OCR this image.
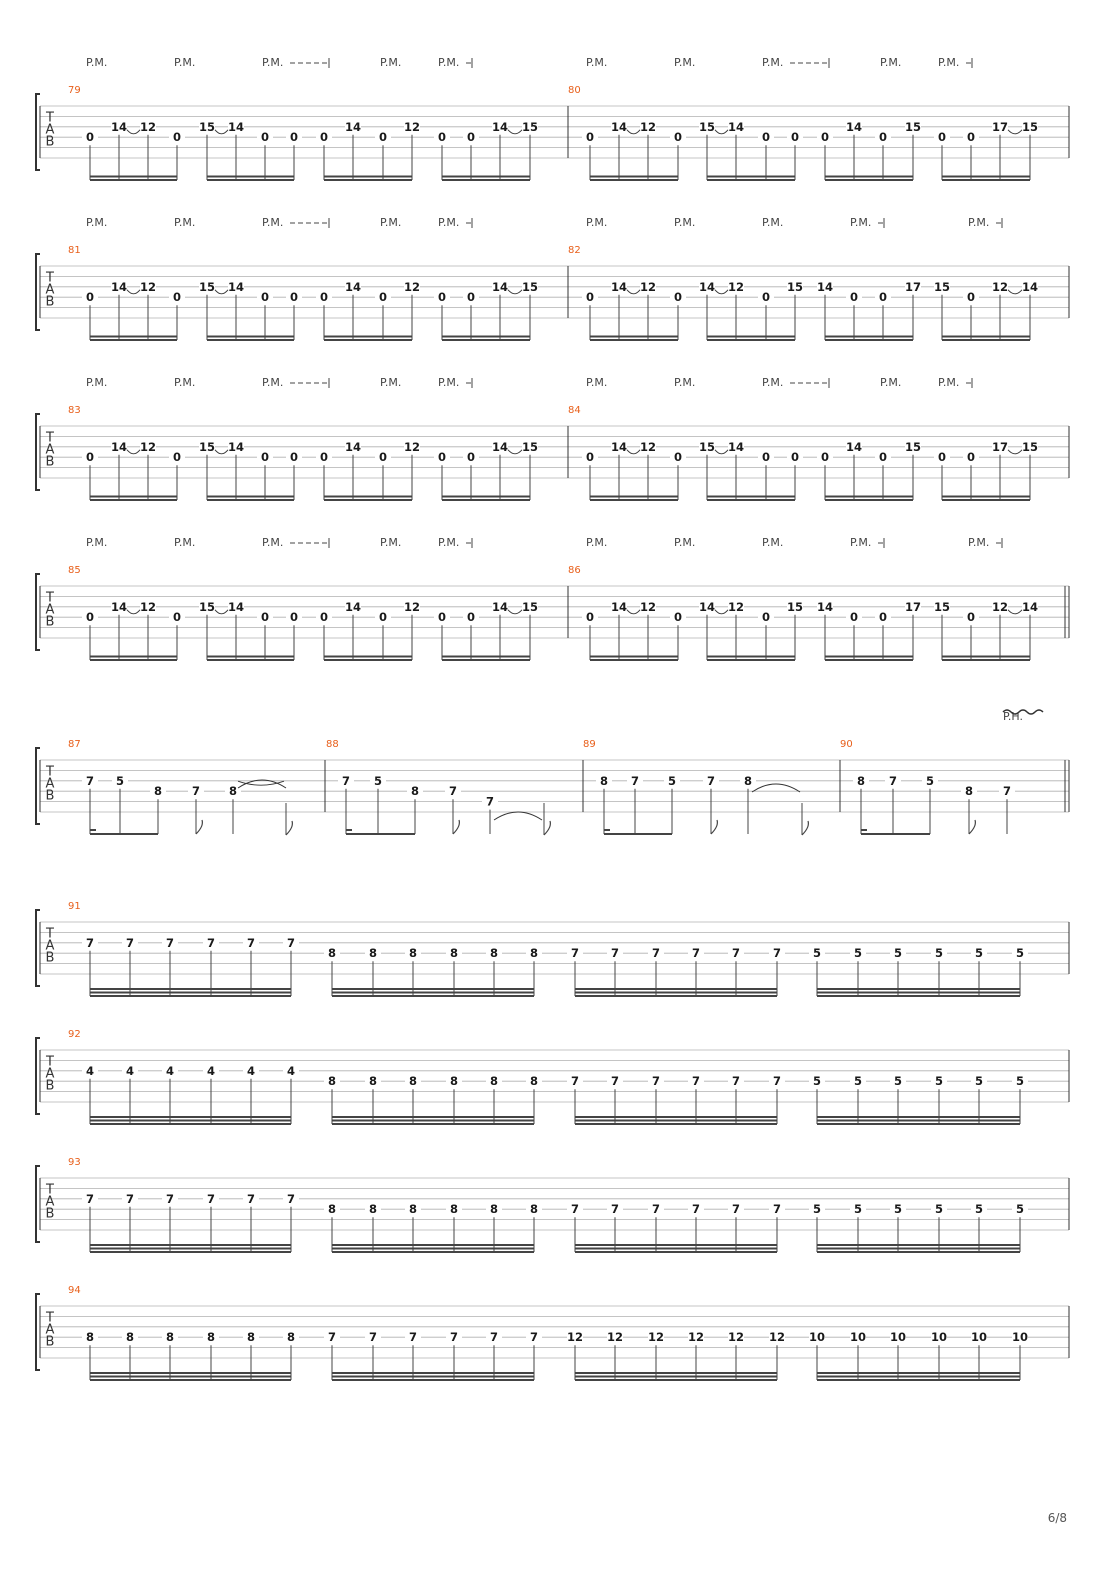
T
A
B
79
P.M.	P.M.	P.M.	P.M.	P.M.
0
14 12
0
15 14
0 0 0
14
0
12
0 0
14 15
80
P.M.	P.M.	P.M.	P.M.	P.M.
0
14 12
0
15 14
0 0 0
14
0
15
0 0
17 15
T
A
B
81
P.M.	P.M.	P.M.	P.M.	P.M.
0
14 12
0
15 14
0 0 0
14
0
12
0 0
14 15
82
P.M.	P.M.	P.M.	P.M.	P.M.
0
14 12
0
14 12
0
15 14
0 0
17 15
0
12 14
T
A
B
83
P.M.	P.M.	P.M.	P.M.	P.M.
0
14 12
0
15 14
0 0 0
14
0
12
0 0
14 15
84
P.M.	P.M.	P.M.	P.M.	P.M.
0
14 12
0
15 14
0 0 0
14
0
15
0 0
17 15
T
A
B
85
P.M.	P.M.	P.M.	P.M.	P.M.
0
14 12
0
15 14
0 0 0
14
0
12
0 0
14 15
86
P.M.	P.M.	P.M.	P.M.	P.M.
0
14 12
0
14 12
0
15 14
0 0
17 15
0
12 14
T
A
B
87
7 5
8	7	8
88
7 5
8	7
7
89
8 7	5	7	8
90
8 7	5
8	7
P.H.
T
A
B
91
7	7	7	7	7	7
8	8	8	8	8	8	7	7	7	7	7	7	5	5	5	5	5	5
T
A
B
92
4	4	4	4	4	4
8	8	8	8	8	8	7	7	7	7	7	7	5	5	5	5	5	5
T
A
B
93
7	7	7	7	7	7
8	8	8	8	8	8	7	7	7	7	7	7	5	5	5	5	5	5
T
A
B
94
8	8	8	8	8	8	7	7	7	7	7	7	12 12 12 12 12 12 10 10 10 10 10 10
6/8
